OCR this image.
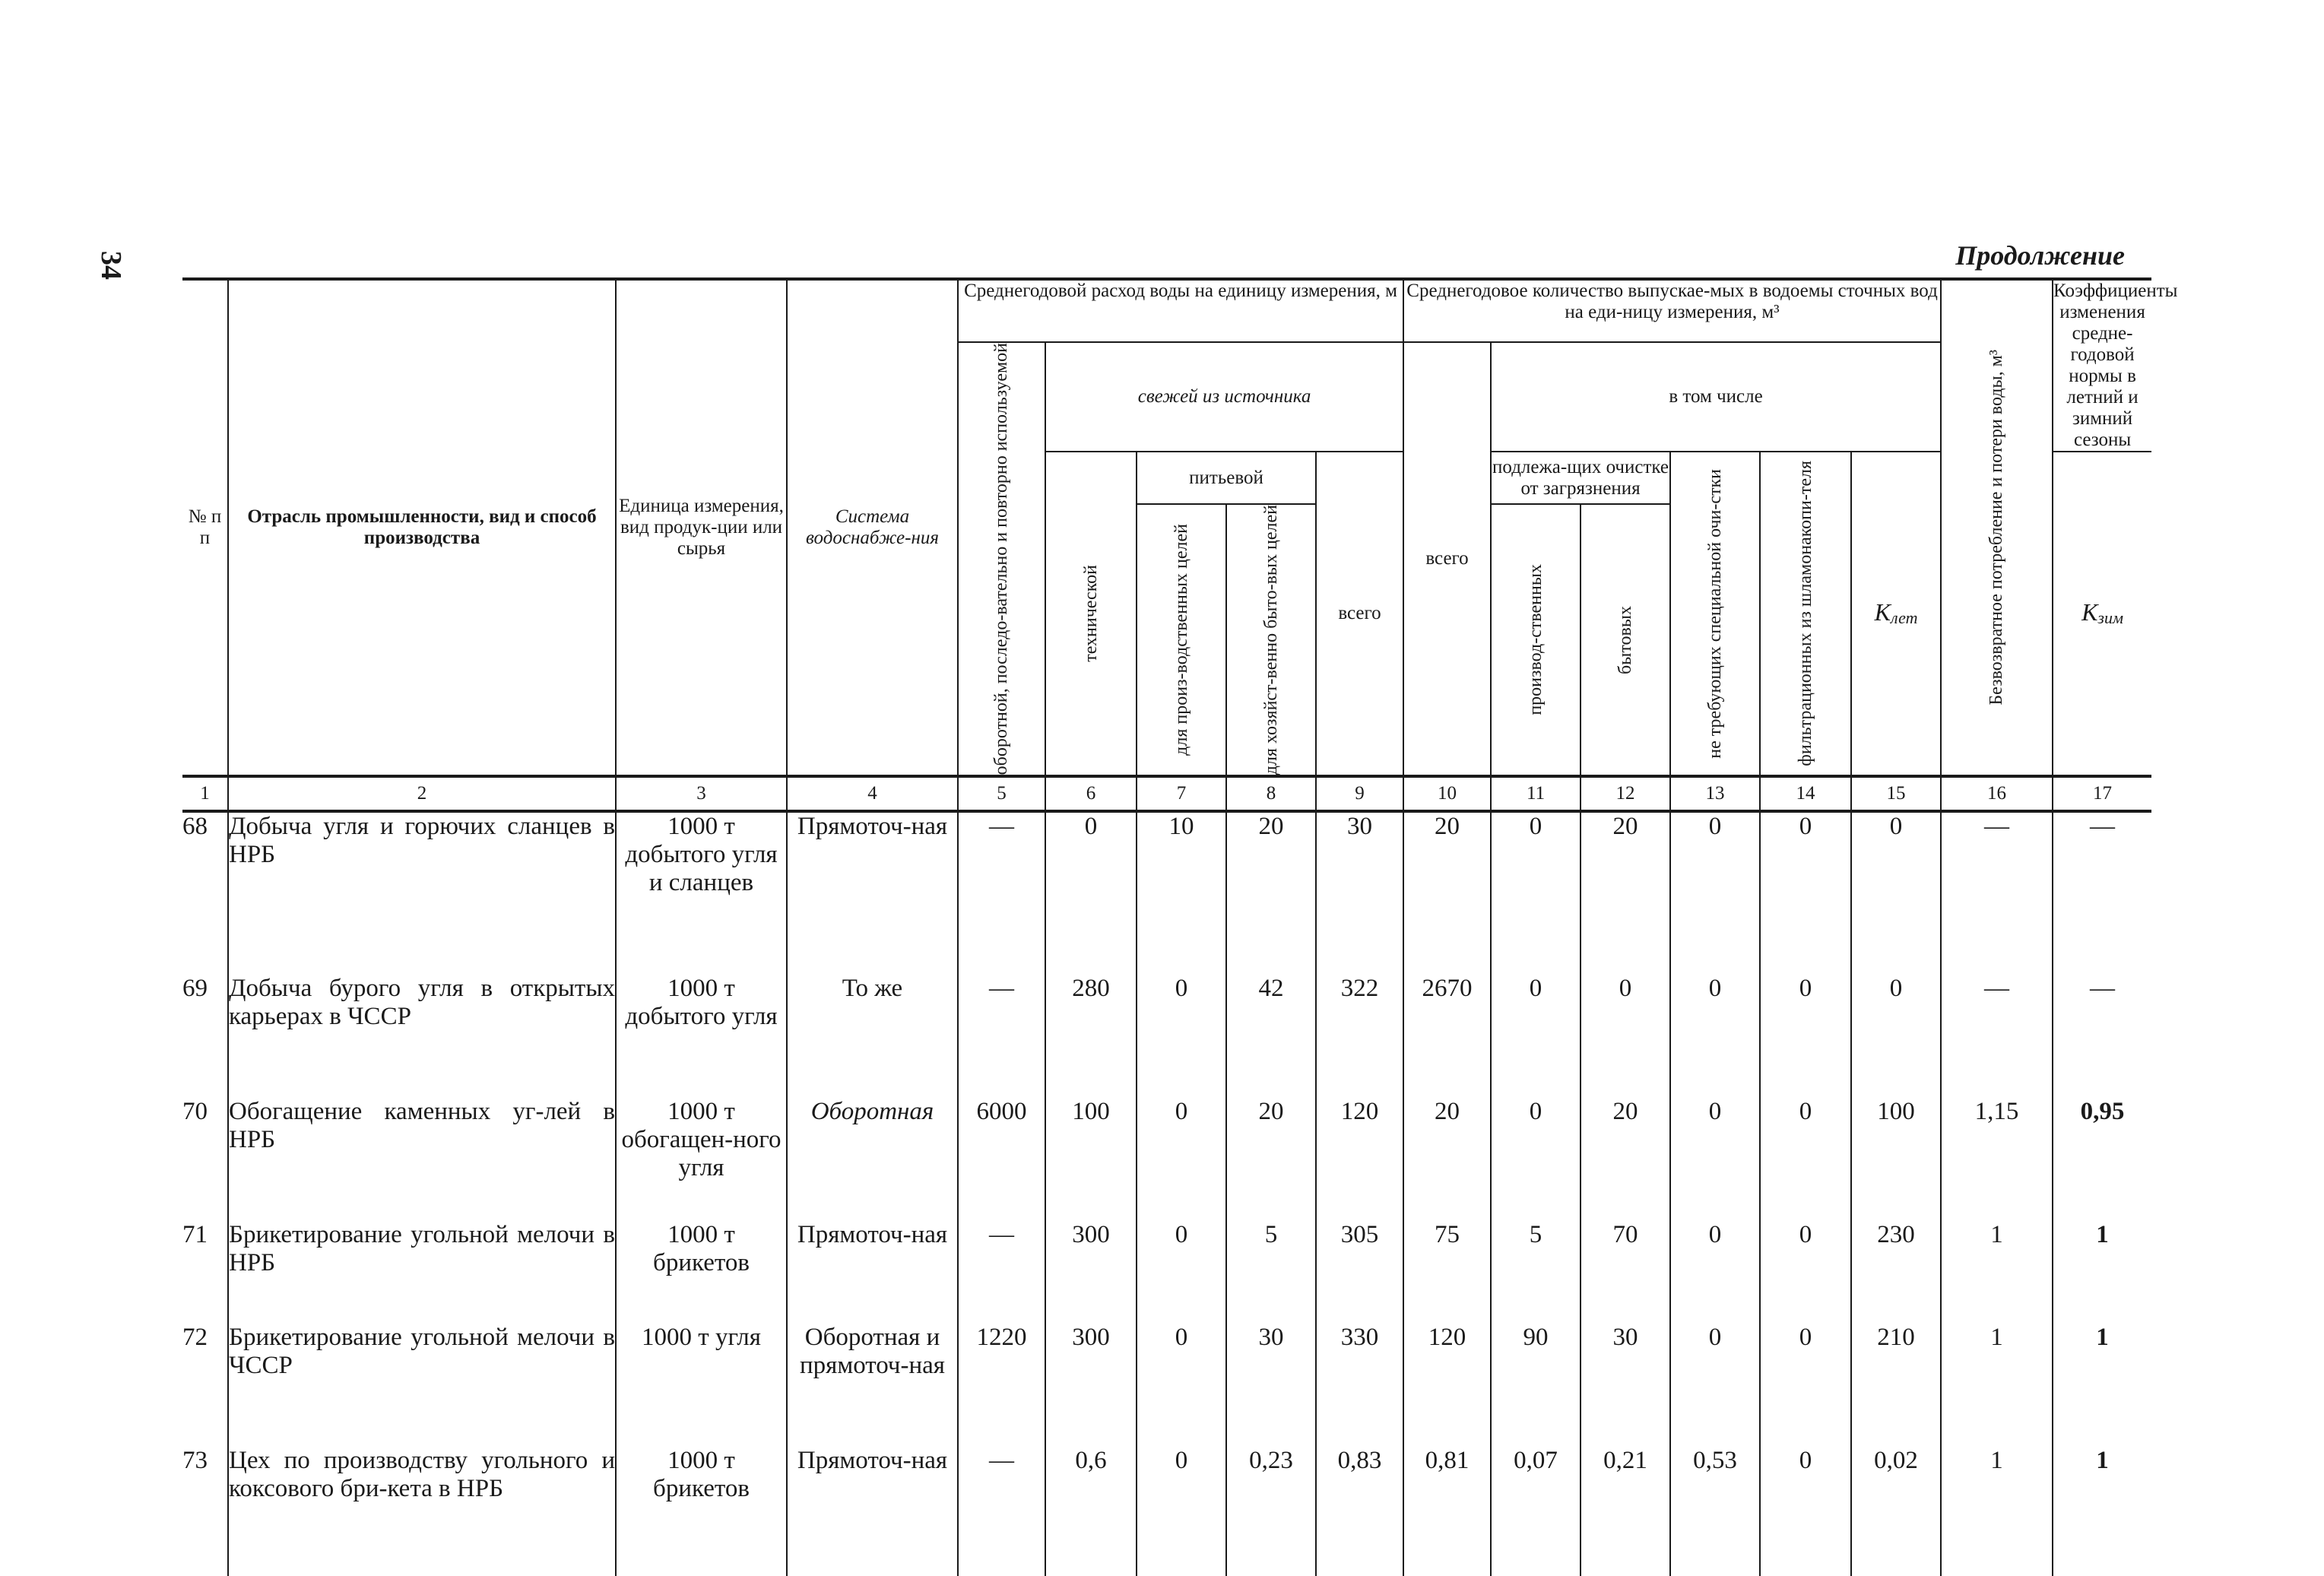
34	Продолжение
№ п п	Отрасль промышленности, вид и способ производства	Единица измерения, вид продук-ции или сырья	Система водоснабже-ния	Среднегодовой расход воды на единицу измерения, м					Среднегодовое количество выпускае-мых в водоемы сточных вод на еди-ницу измерения, м³						Безвозвратное потребление и потери воды, м³	Коэффициенты изменения средне-годовой нормы в летний и зимний сезоны

				оборотной, последо-вательно и повторно используемой	свежей из источника				всего	в том числе						

					технической	питьевой		всего		подлежа-щих очистке от загрязнения		не требующих специальной очи-стки	фильтрационных из шламонакопи-теля	Kлет		Kзим

						для произ-водственных целей	для хозяйст-венно быто-вых целей			производ-ственных	бытовых					

1	2	3	4	5	6	7	8	9	10	11	12	13	14	15	16	17
68	Добыча угля и горючих сланцев в НРБ	1000 т добытого угля и сланцев	Прямоточ-ная	—	0	10	20	30	20	0	20	0	0	0	—	—
69	Добыча бурого угля в открытых карьерах в ЧССР	1000 т добытого угля	То же	—	280	0	42	322	2670	0	0	0	0	0	—	—
70	Обогащение каменных уг-лей в НРБ	1000 т обогащен-ного угля	Оборотная	6000	100	0	20	120	20	0	20	0	0	100	1,15	0,95
71	Брикетирование угольной мелочи в НРБ	1000 т брикетов	Прямоточ-ная	—	300	0	5	305	75	5	70	0	0	230	1	1
72	Брикетирование угольной мелочи в ЧССР	1000 т угля	Оборотная и прямоточ-ная	1220	300	0	30	330	120	90	30	0	0	210	1	1
73	Цех по производству угольного и коксового бри-кета в НРБ	1000 т брикетов	Прямоточ-ная	—	0,6	0	0,23	0,83	0,81	0,07	0,21	0,53	0	0,02	1	1
